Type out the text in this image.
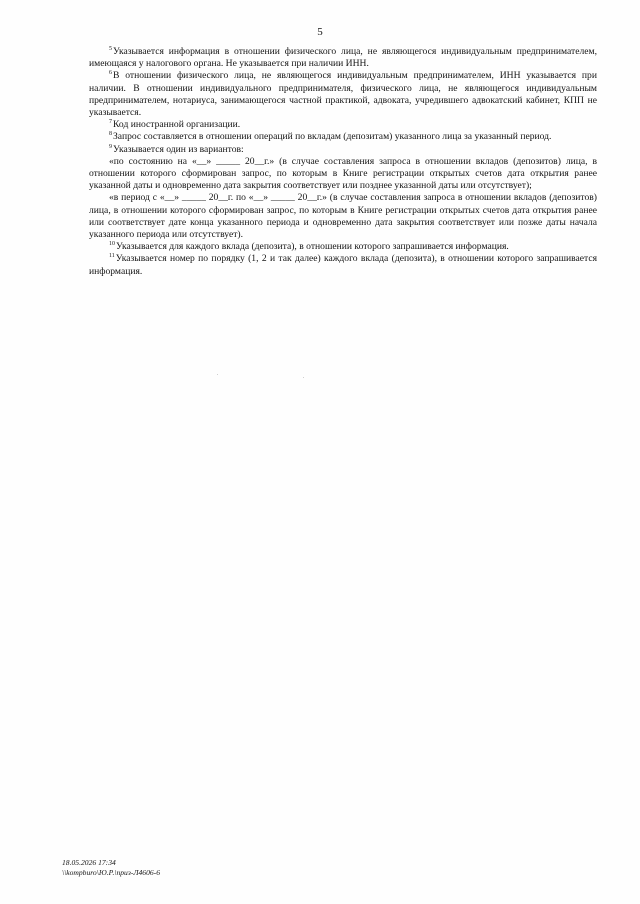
5

$^5$Указывается информация в отношении физического лица, не являющегося индивидуальным предпринимателем, имеющаяся у налогового органа. Не указывается при наличии ИНН.

$^6$В отношении физического лица, не являющегося индивидуальным предпринимателем, ИНН указывается при наличии. В отношении индивидуального предпринимателя, физического лица, не являющегося индивидуальным предпринимателем, нотариуса, занимающегося частной практикой, адвоката, учредившего адвокатский кабинет, КПП не указывается.

$^7$Код иностранной организации.

$^8$Запрос составляется в отношении операций по вкладам (депозитам) указанного лица за указанный период.

$^9$Указывается один из вариантов:

«по состоянию на «__» _____ 20__г.» (в случае составления запроса в отношении вкладов (депозитов) лица, в отношении которого сформирован запрос, по которым в Книге регистрации открытых счетов дата открытия ранее указанной даты и одновременно дата закрытия соответствует или позднее указанной даты или отсутствует);

«в период с «__» _____ 20__г. по «__» _____ 20__г.» (в случае составления запроса в отношении вкладов (депозитов) лица, в отношении которого сформирован запрос, по которым в Книге регистрации открытых счетов дата открытия ранее или соответствует дате конца указанного периода и одновременно дата закрытия соответствует или позже даты начала указанного периода или отсутствует).

$^{10}$Указывается для каждого вклада (депозита), в отношении которого запрашивается информация.

$^{11}$Указывается номер по порядку (1, 2 и так далее) каждого вклада (депозита), в отношении которого запрашивается информация.

18.05.2026 17:34
\\kompburo\Ю.Р.\приз-Л4606-6
